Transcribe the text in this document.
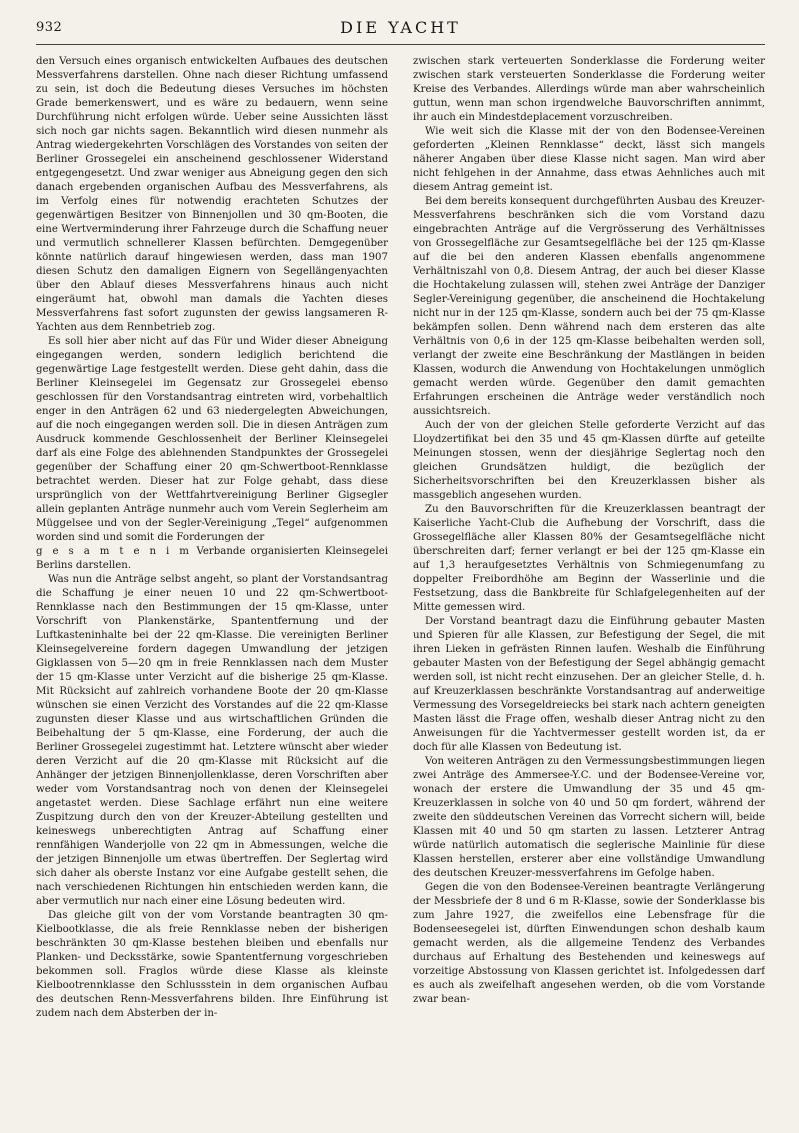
932	DIE YACHT

den Versuch eines organisch entwickelten Aufbaues des deutschen Messverfahrens darstellen. Ohne nach dieser Richtung umfassend zu sein, ist doch die Bedeutung dieses Versuches im höchsten Grade bemerkenswert, und es wäre zu bedauern, wenn seine Durchführung nicht erfolgen würde. Ueber seine Aussichten lässt sich noch gar nichts sagen. Bekanntlich wird diesen nunmehr als Antrag wiedergekehrten Vorschlägen des Vorstandes von seiten der Berliner Grossegelei ein anscheinend geschlossener Widerstand entgegengesetzt. Und zwar weniger aus Abneigung gegen den sich danach ergebenden organischen Aufbau des Messverfahrens, als im Verfolg eines für notwendig erachteten Schutzes der gegenwärtigen Besitzer von Binnenjollen und 30 qm-Booten, die eine Wertverminderung ihrer Fahrzeuge durch die Schaffung neuer und vermutlich schnellerer Klassen befürchten. Demgegenüber könnte natürlich darauf hingewiesen werden, dass man 1907 diesen Schutz den damaligen Eignern von Segellängenyachten über den Ablauf dieses Messverfahrens hinaus auch nicht eingeräumt hat, obwohl man damals die Yachten dieses Messverfahrens fast sofort zugunsten der gewiss langsameren R-Yachten aus dem Rennbetrieb zog.

Es soll hier aber nicht auf das Für und Wider dieser Abneigung eingegangen werden, sondern lediglich berichtend die gegenwärtige Lage festgestellt werden. Diese geht dahin, dass die Berliner Kleinsegelei im Gegensatz zur Grossegelei ebenso geschlossen für den Vorstandsantrag eintreten wird, vorbehaltlich enger in den Anträgen 62 und 63 niedergelegten Abweichungen, auf die noch eingegangen werden soll. Die in diesen Anträgen zum Ausdruck kommende Geschlossenheit der Berliner Kleinsegelei darf als eine Folge des ablehnenden Standpunktes der Grossegelei gegenüber der Schaffung einer 20 qm-Schwertboot-Rennklasse betrachtet werden. Dieser hat zur Folge gehabt, dass diese ursprünglich von der Wettfahrtvereinigung Berliner Gigsegler allein geplanten Anträge nunmehr auch vom Verein Seglerheim am Müggelsee und von der Segler-Vereinigung „Tegel“ aufgenommen worden sind und somit die Forderungen der

g e s a m t e n i m Verbande organisierten Kleinsegelei Berlins darstellen.

Was nun die Anträge selbst angeht, so plant der Vorstandsantrag die Schaffung je einer neuen 10 und 22 qm-Schwertboot-Rennklasse nach den Bestimmungen der 15 qm-Klasse, unter Vorschrift von Plankenstärke, Spantentfernung und der Luftkasteninhalte bei der 22 qm-Klasse. Die vereinigten Berliner Kleinsegelvereine fordern dagegen Umwandlung der jetzigen Gigklassen von 5—20 qm in freie Rennklassen nach dem Muster der 15 qm-Klasse unter Verzicht auf die bisherige 25 qm-Klasse. Mit Rücksicht auf zahlreich vorhandene Boote der 20 qm-Klasse wünschen sie einen Verzicht des Vorstandes auf die 22 qm-Klasse zugunsten dieser Klasse und aus wirtschaftlichen Gründen die Beibehaltung der 5 qm-Klasse, eine Forderung, der auch die Berliner Grossegelei zugestimmt hat. Letztere wünscht aber wieder deren Verzicht auf die 20 qm-Klasse mit Rücksicht auf die Anhänger der jetzigen Binnenjollenklasse, deren Vorschriften aber weder vom Vorstandsantrag noch von denen der Kleinsegelei angetastet werden. Diese Sachlage erfährt nun eine weitere Zuspitzung durch den von der Kreuzer-Abteilung gestellten und keineswegs unberechtigten Antrag auf Schaffung einer rennfähigen Wanderjolle von 22 qm in Abmessungen, welche die der jetzigen Binnenjolle um etwas übertreffen. Der Seglertag wird sich daher als oberste Instanz vor eine Aufgabe gestellt sehen, die nach verschiedenen Richtungen hin entschieden werden kann, die aber vermutlich nur nach einer eine Lösung bedeuten wird.

Das gleiche gilt von der vom Vorstande beantragten 30 qm-Kielbootklasse, die als freie Rennklasse neben der bisherigen beschränkten 30 qm-Klasse bestehen bleiben und ebenfalls nur Planken- und Decksstärke, sowie Spantentfernung vorgeschrieben bekommen soll. Fraglos würde diese Klasse als kleinste Kielbootrennklasse den Schlussstein in dem organischen Aufbau des deutschen Renn-Messverfahrens bilden. Ihre Einführung ist zudem nach dem Absterben der in-

zwischen stark verteuerten Sonderklasse die Forderung weiter zwischen stark versteuerten Sonderklasse die Forderung weiter Kreise des Verbandes. Allerdings würde man aber wahrscheinlich guttun, wenn man schon irgendwelche Bauvorschriften annimmt, ihr auch ein Mindestdeplacement vorzuschreiben.

Wie weit sich die Klasse mit der von den Bodensee-Vereinen geforderten „Kleinen Rennklasse“ deckt, lässt sich mangels näherer Angaben über diese Klasse nicht sagen. Man wird aber nicht fehlgehen in der Annahme, dass etwas Aehnliches auch mit diesem Antrag gemeint ist.

Bei dem bereits konsequent durchgeführten Ausbau des Kreuzer-Messverfahrens beschränken sich die vom Vorstand dazu eingebrachten Anträge auf die Vergrösserung des Verhältnisses von Grossegelfläche zur Gesamtsegelfläche bei der 125 qm-Klasse auf die bei den anderen Klassen ebenfalls angenommene Verhältniszahl von 0,8. Diesem Antrag, der auch bei dieser Klasse die Hochtakelung zulassen will, stehen zwei Anträge der Danziger Segler-Vereinigung gegenüber, die anscheinend die Hochtakelung nicht nur in der 125 qm-Klasse, sondern auch bei der 75 qm-Klasse bekämpfen sollen. Denn während nach dem ersteren das alte Verhältnis von 0,6 in der 125 qm-Klasse beibehalten werden soll, verlangt der zweite eine Beschränkung der Mastlängen in beiden Klassen, wodurch die Anwendung von Hochtakelungen unmöglich gemacht werden würde. Gegenüber den damit gemachten Erfahrungen erscheinen die Anträge weder verständlich noch aussichtsreich.

Auch der von der gleichen Stelle geforderte Verzicht auf das Lloydzertifikat bei den 35 und 45 qm-Klassen dürfte auf geteilte Meinungen stossen, wenn der diesjährige Seglertag noch den gleichen Grundsätzen huldigt, die bezüglich der Sicherheitsvorschriften bei den Kreuzerklassen bisher als massgeblich angesehen wurden.

Zu den Bauvorschriften für die Kreuzerklassen beantragt der Kaiserliche Yacht-Club die Aufhebung der Vorschrift, dass die Grossegelfläche aller Klassen 80% der Gesamtsegelfläche nicht überschreiten darf; ferner verlangt er bei der 125 qm-Klasse ein auf 1,3 heraufgesetztes Verhältnis von Schmiegenumfang zu doppelter Freibordhöhe am Beginn der Wasserlinie und die Festsetzung, dass die Bankbreite für Schlafgelegenheiten auf der Mitte gemessen wird.

Der Vorstand beantragt dazu die Einführung gebauter Masten und Spieren für alle Klassen, zur Befestigung der Segel, die mit ihren Lieken in gefrästen Rinnen laufen. Weshalb die Einführung gebauter Masten von der Befestigung der Segel abhängig gemacht werden soll, ist nicht recht einzusehen. Der an gleicher Stelle, d. h. auf Kreuzerklassen beschränkte Vorstandsantrag auf anderweitige Vermessung des Vorsegeldreiecks bei stark nach achtern geneigten Masten lässt die Frage offen, weshalb dieser Antrag nicht zu den Anweisungen für die Yachtvermesser gestellt worden ist, da er doch für alle Klassen von Bedeutung ist.

Von weiteren Anträgen zu den Vermessungsbestimmungen liegen zwei Anträge des Ammersee-Y.C. und der Bodensee-Vereine vor, wonach der erstere die Umwandlung der 35 und 45 qm-Kreuzerklassen in solche von 40 und 50 qm fordert, während der zweite den süddeutschen Vereinen das Vorrecht sichern will, beide Klassen mit 40 und 50 qm starten zu lassen. Letzterer Antrag würde natürlich automatisch die seglerische Mainlinie für diese Klassen herstellen, ersterer aber eine vollständige Umwandlung des deutschen Kreuzer-messverfahrens im Gefolge haben.

Gegen die von den Bodensee-Vereinen beantragte Verlängerung der Messbriefe der 8 und 6 m R-Klasse, sowie der Sonderklasse bis zum Jahre 1927, die zweifellos eine Lebensfrage für die Bodenseesegelei ist, dürften Einwendungen schon deshalb kaum gemacht werden, als die allgemeine Tendenz des Verbandes durchaus auf Erhaltung des Bestehenden und keineswegs auf vorzeitige Abstossung von Klassen gerichtet ist. Infolgedessen darf es auch als zweifelhaft angesehen werden, ob die vom Vorstande zwar bean-
